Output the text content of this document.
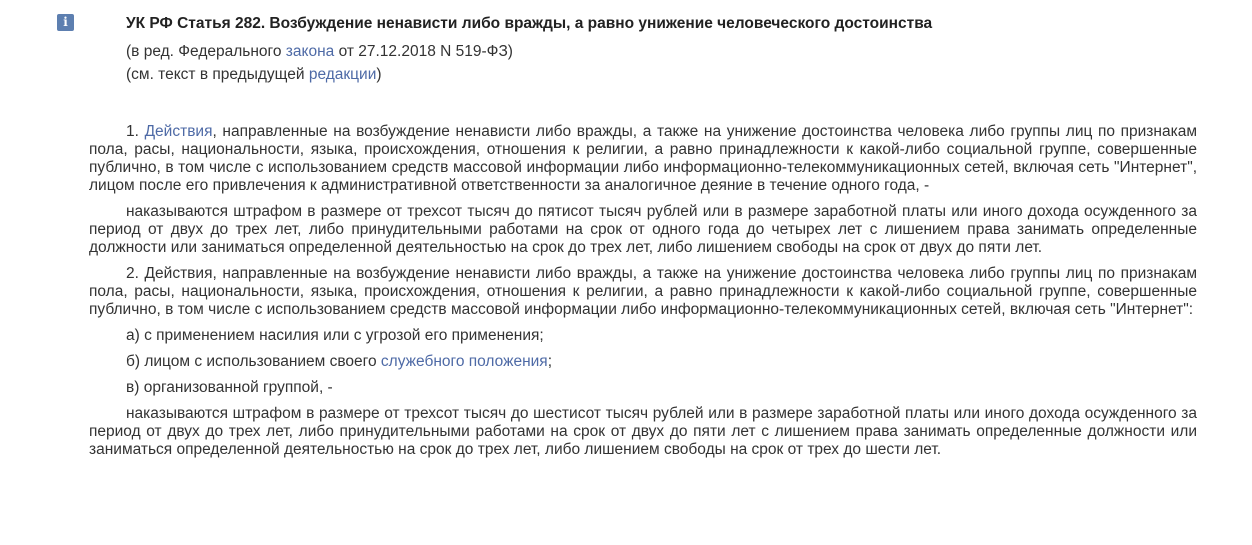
i	УК РФ Статья 282. Возбуждение ненависти либо вражды, а равно унижение человеческого достоинства
(в ред. Федерального закона от 27.12.2018 N 519-ФЗ)
(см. текст в предыдущей редакции)

1. Действия, направленные на возбуждение ненависти либо вражды, а также на унижение достоинства человека либо группы лиц по признакам пола, расы, национальности, языка, происхождения, отношения к религии, а равно принадлежности к какой-либо социальной группе, совершенные публично, в том числе с использованием средств массовой информации либо информационно-телекоммуникационных сетей, включая сеть "Интернет", лицом после его привлечения к административной ответственности за аналогичное деяние в течение одного года, -

наказываются штрафом в размере от трехсот тысяч до пятисот тысяч рублей или в размере заработной платы или иного дохода осужденного за период от двух до трех лет, либо принудительными работами на срок от одного года до четырех лет с лишением права занимать определенные должности или заниматься определенной деятельностью на срок до трех лет, либо лишением свободы на срок от двух до пяти лет.

2. Действия, направленные на возбуждение ненависти либо вражды, а также на унижение достоинства человека либо группы лиц по признакам пола, расы, национальности, языка, происхождения, отношения к религии, а равно принадлежности к какой-либо социальной группе, совершенные публично, в том числе с использованием средств массовой информации либо информационно-телекоммуникационных сетей, включая сеть "Интернет":

а) с применением насилия или с угрозой его применения;

б) лицом с использованием своего служебного положения;

в) организованной группой, -

наказываются штрафом в размере от трехсот тысяч до шестисот тысяч рублей или в размере заработной платы или иного дохода осужденного за период от двух до трех лет, либо принудительными работами на срок от двух до пяти лет с лишением права занимать определенные должности или заниматься определенной деятельностью на срок до трех лет, либо лишением свободы на срок от трех до шести лет.
